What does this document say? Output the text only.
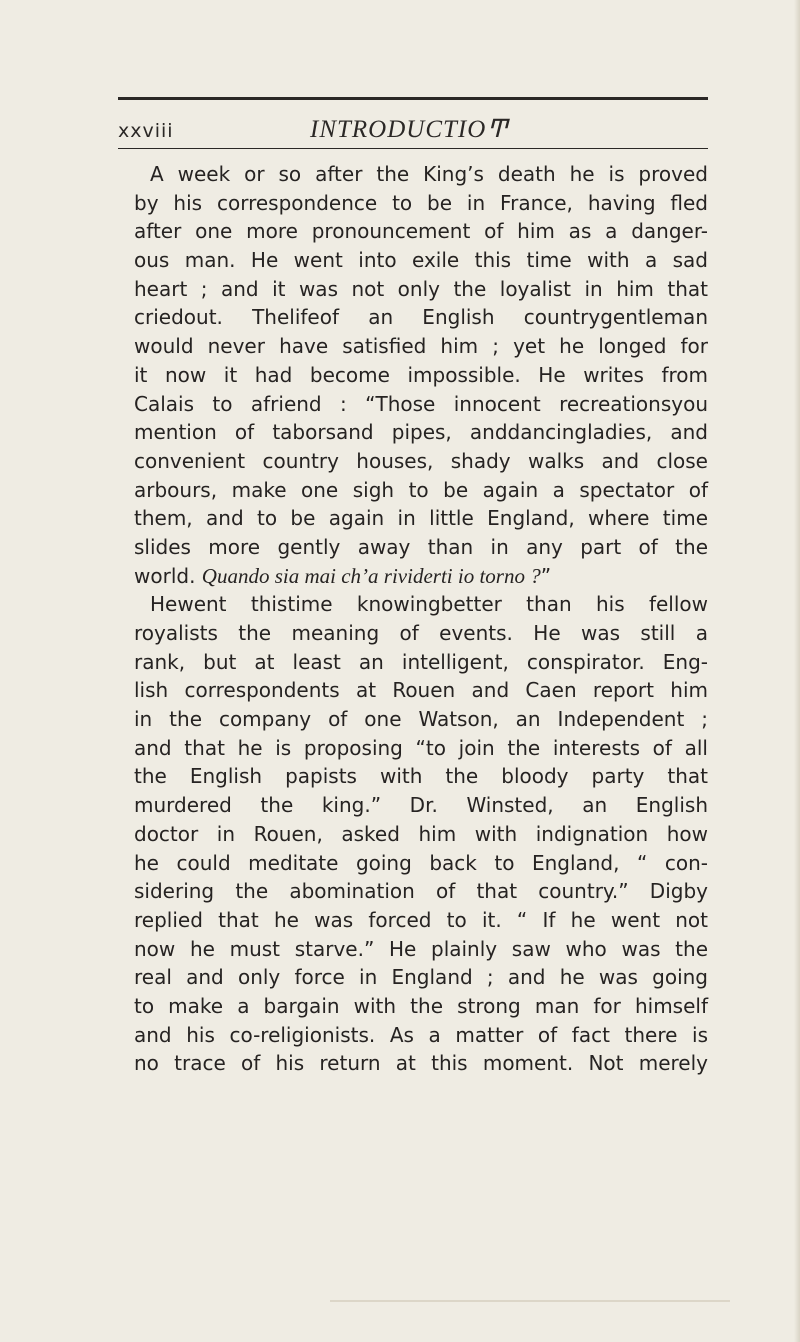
xxviii	INTRODUCTIOͲ
A week or so after the King’s death he is proved
by his correspondence to be in France, having fled
after one more pronouncement of him as a danger-
ous man. He went into exile this time with a sad
heart ; and it was not only the loyalist in him that
criedout. Thelifeof an English countrygentleman
would never have satisfied him ; yet he longed for
it now it had become impossible. He writes from
Calais to afriend : “Those innocent recreationsyou
mention of taborsand pipes, anddancingladies, and
convenient country houses, shady walks and close
arbours, make one sigh to be again a spectator of
them, and to be again in little England, where time
slides more gently away than in any part of the
world. Quando sia mai ch’a rividerti io torno ?”
Hewent thistime knowingbetter than his fellow
royalists the meaning of events. He was still a
rank, but at least an intelligent, conspirator. Eng-
lish correspondents at Rouen and Caen report him
in the company of one Watson, an Independent ;
and that he is proposing “to join the interests of all
the English papists with the bloody party that
murdered the king.” Dr. Winsted, an English
doctor in Rouen, asked him with indignation how
he could meditate going back to England, “ con-
sidering the abomination of that country.” Digby
replied that he was forced to it. “ If he went not
now he must starve.” He plainly saw who was the
real and only force in England ; and he was going
to make a bargain with the strong man for himself
and his co-religionists. As a matter of fact there is
no trace of his return at this moment. Not merely
